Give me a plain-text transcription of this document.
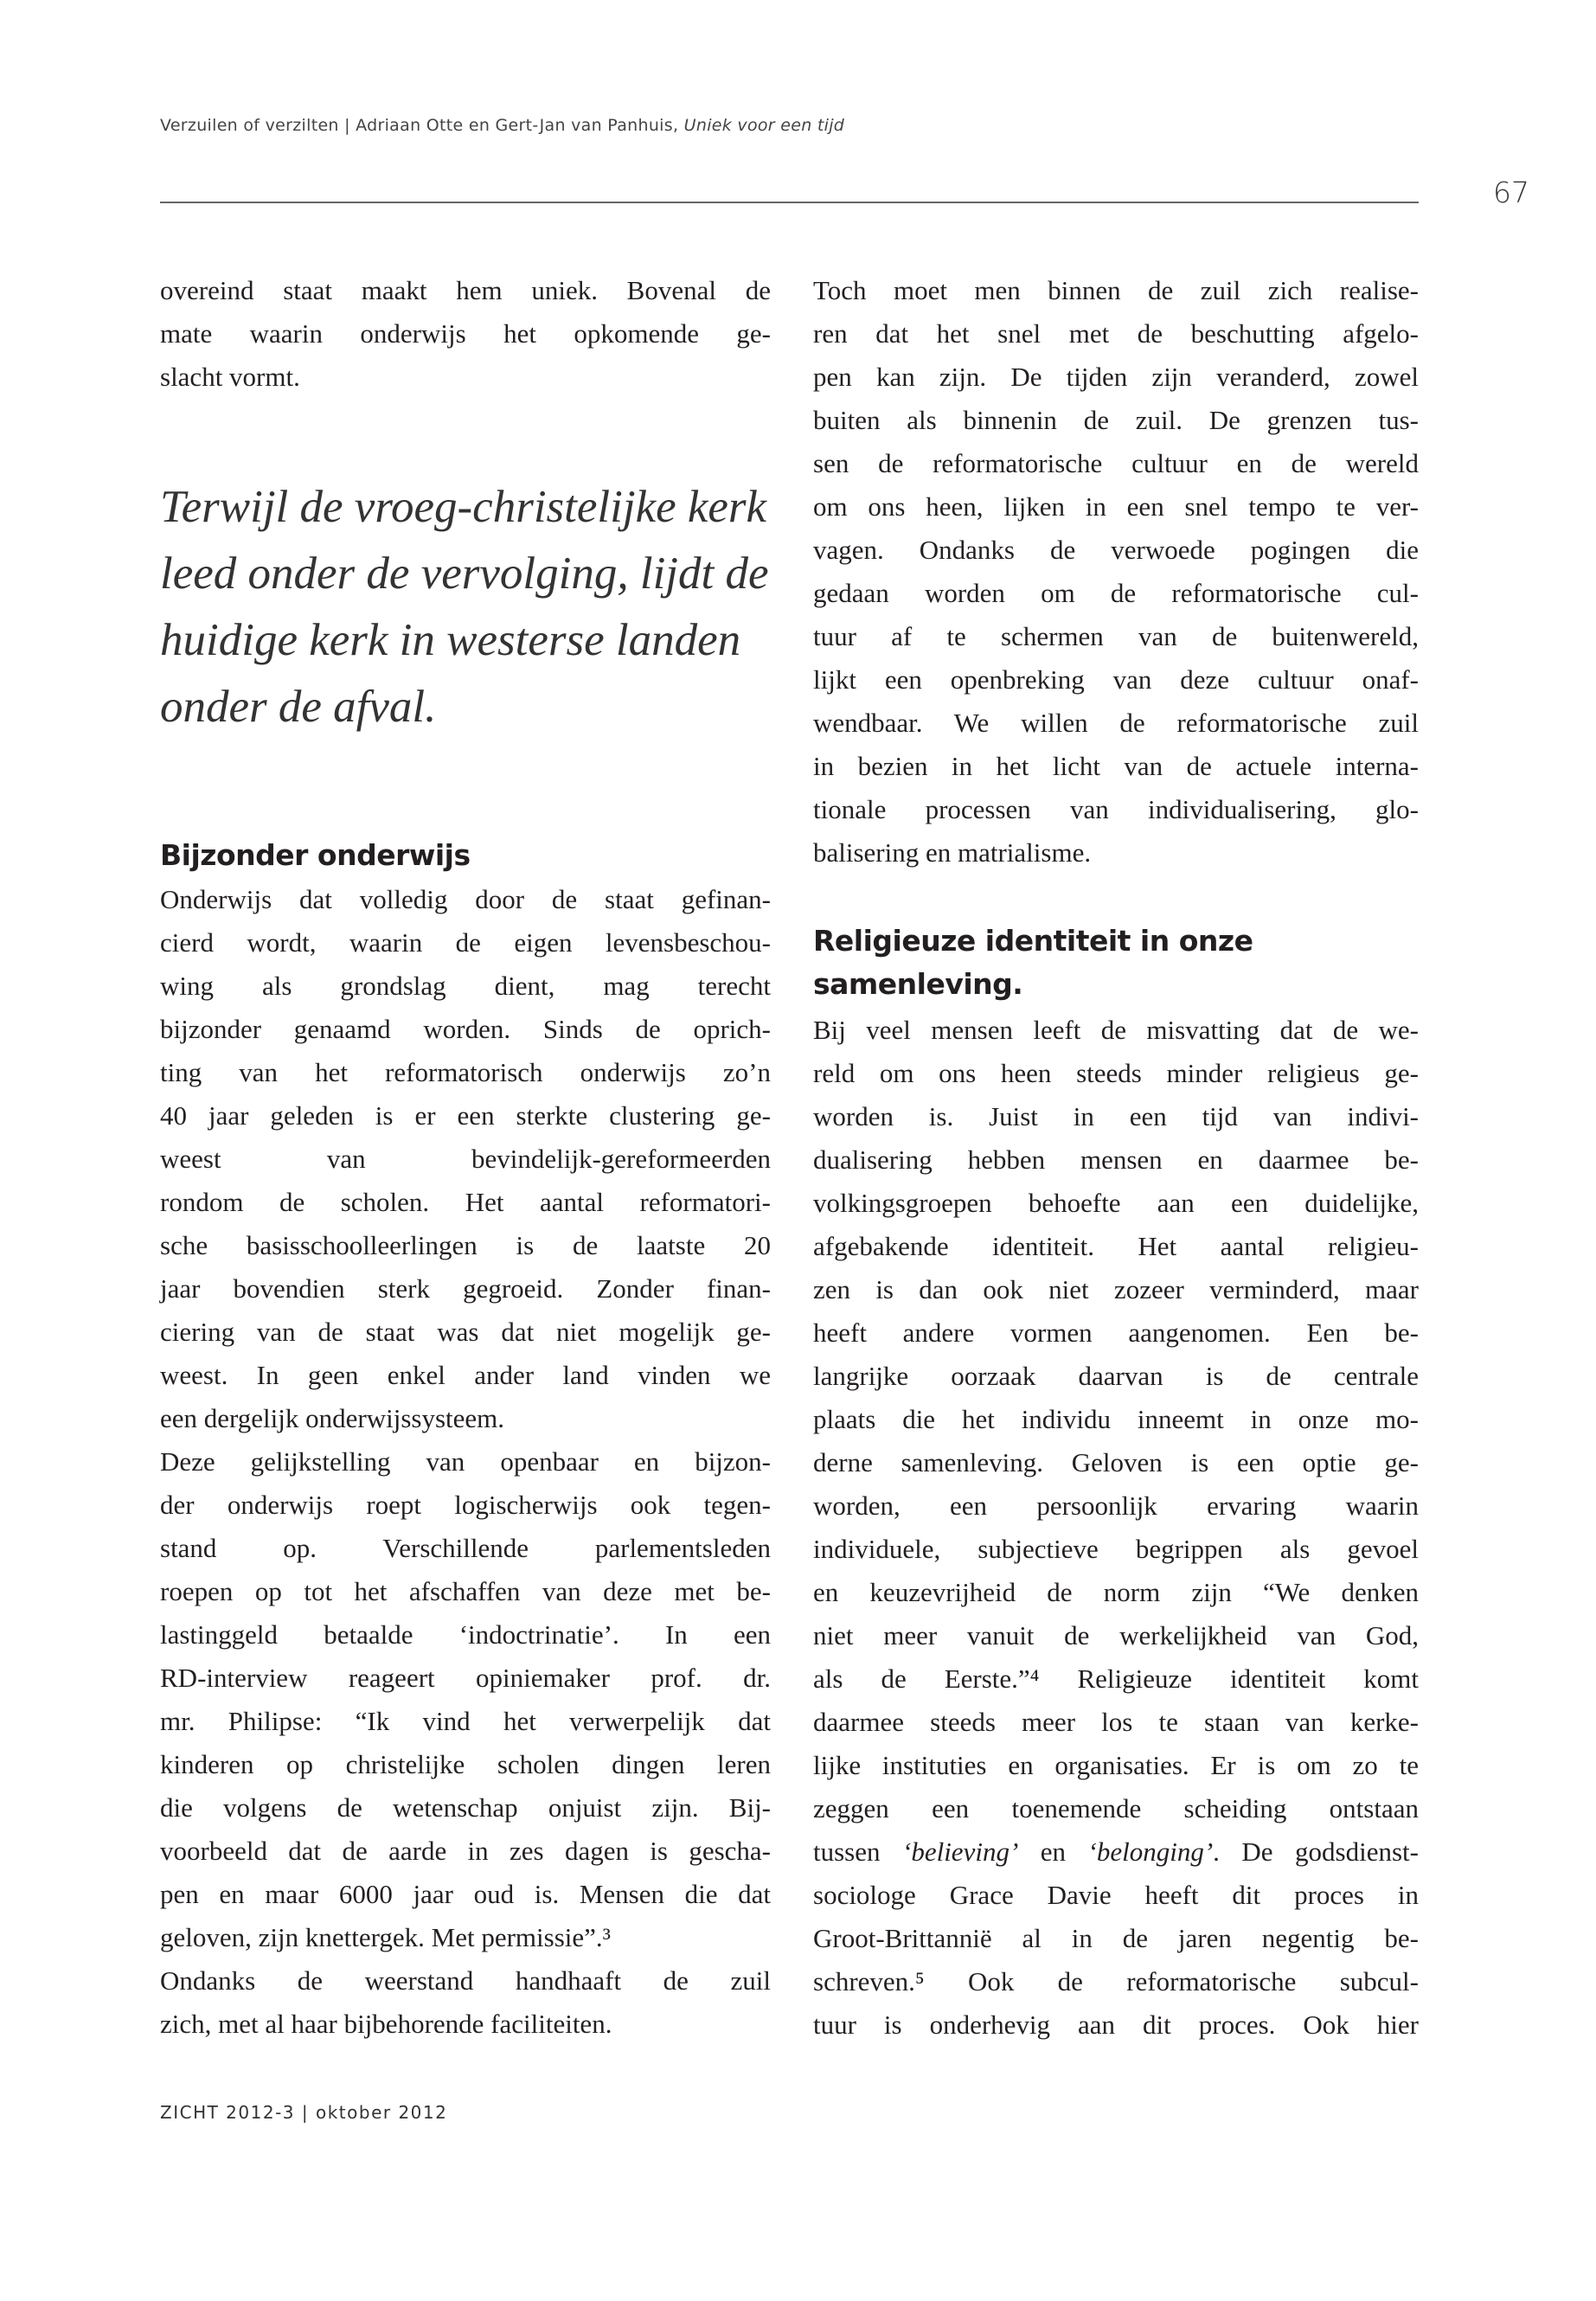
Verzuilen of verzilten | Adriaan Otte en Gert-Jan van Panhuis, Uniek voor een tijd
67
overeind staat maakt hem uniek. Bovenal de
mate waarin onderwijs het opkomende ge-
slacht vormt.
Terwijl de vroeg-christelijke kerk
leed onder de vervolging, lijdt de
huidige kerk in westerse landen
onder de afval.
Bijzonder onderwijs
Onderwijs dat volledig door de staat gefinan-
cierd wordt, waarin de eigen levensbeschou-
wing als grondslag dient, mag terecht
bijzonder genaamd worden. Sinds de oprich-
ting van het reformatorisch onderwijs zo’n
40 jaar geleden is er een sterkte clustering ge-
weest van bevindelijk-gereformeerden
rondom de scholen. Het aantal reformatori-
sche basisschoolleerlingen is de laatste 20
jaar bovendien sterk gegroeid. Zonder finan-
ciering van de staat was dat niet mogelijk ge-
weest. In geen enkel ander land vinden we
een dergelijk onderwijssysteem.
Deze gelijkstelling van openbaar en bijzon-
der onderwijs roept logischerwijs ook tegen-
stand op. Verschillende parlementsleden
roepen op tot het afschaffen van deze met be-
lastinggeld betaalde ‘indoctrinatie’. In een
RD-interview reageert opiniemaker prof. dr.
mr. Philipse: “Ik vind het verwerpelijk dat
kinderen op christelijke scholen dingen leren
die volgens de wetenschap onjuist zijn. Bij-
voorbeeld dat de aarde in zes dagen is gescha-
pen en maar 6000 jaar oud is. Mensen die dat
geloven, zijn knettergek. Met permissie”.³
Ondanks de weerstand handhaaft de zuil
zich, met al haar bijbehorende faciliteiten.
Toch moet men binnen de zuil zich realise-
ren dat het snel met de beschutting afgelo-
pen kan zijn. De tijden zijn veranderd, zowel
buiten als binnenin de zuil. De grenzen tus-
sen de reformatorische cultuur en de wereld
om ons heen, lijken in een snel tempo te ver-
vagen. Ondanks de verwoede pogingen die
gedaan worden om de reformatorische cul-
tuur af te schermen van de buitenwereld,
lijkt een openbreking van deze cultuur onaf-
wendbaar. We willen de reformatorische zuil
in bezien in het licht van de actuele interna-
tionale processen van individualisering, glo-
balisering en matrialisme.
Religieuze identiteit in onze
samenleving.
Bij veel mensen leeft de misvatting dat de we-
reld om ons heen steeds minder religieus ge-
worden is. Juist in een tijd van indivi-
dualisering hebben mensen en daarmee be-
volkingsgroepen behoefte aan een duidelijke,
afgebakende identiteit. Het aantal religieu-
zen is dan ook niet zozeer verminderd, maar
heeft andere vormen aangenomen. Een be-
langrijke oorzaak daarvan is de centrale
plaats die het individu inneemt in onze mo-
derne samenleving. Geloven is een optie ge-
worden, een persoonlijk ervaring waarin
individuele, subjectieve begrippen als gevoel
en keuzevrijheid de norm zijn “We denken
niet meer vanuit de werkelijkheid van God,
als de Eerste.”⁴ Religieuze identiteit komt
daarmee steeds meer los te staan van kerke-
lijke instituties en organisaties. Er is om zo te
zeggen een toenemende scheiding ontstaan
tussen ‘believing’ en ‘belonging’. De godsdienst-
sociologe Grace Davie heeft dit proces in
Groot-Brittannië al in de jaren negentig be-
schreven.⁵ Ook de reformatorische subcul-
tuur is onderhevig aan dit proces. Ook hier
ZICHT 2012-3 | oktober 2012
